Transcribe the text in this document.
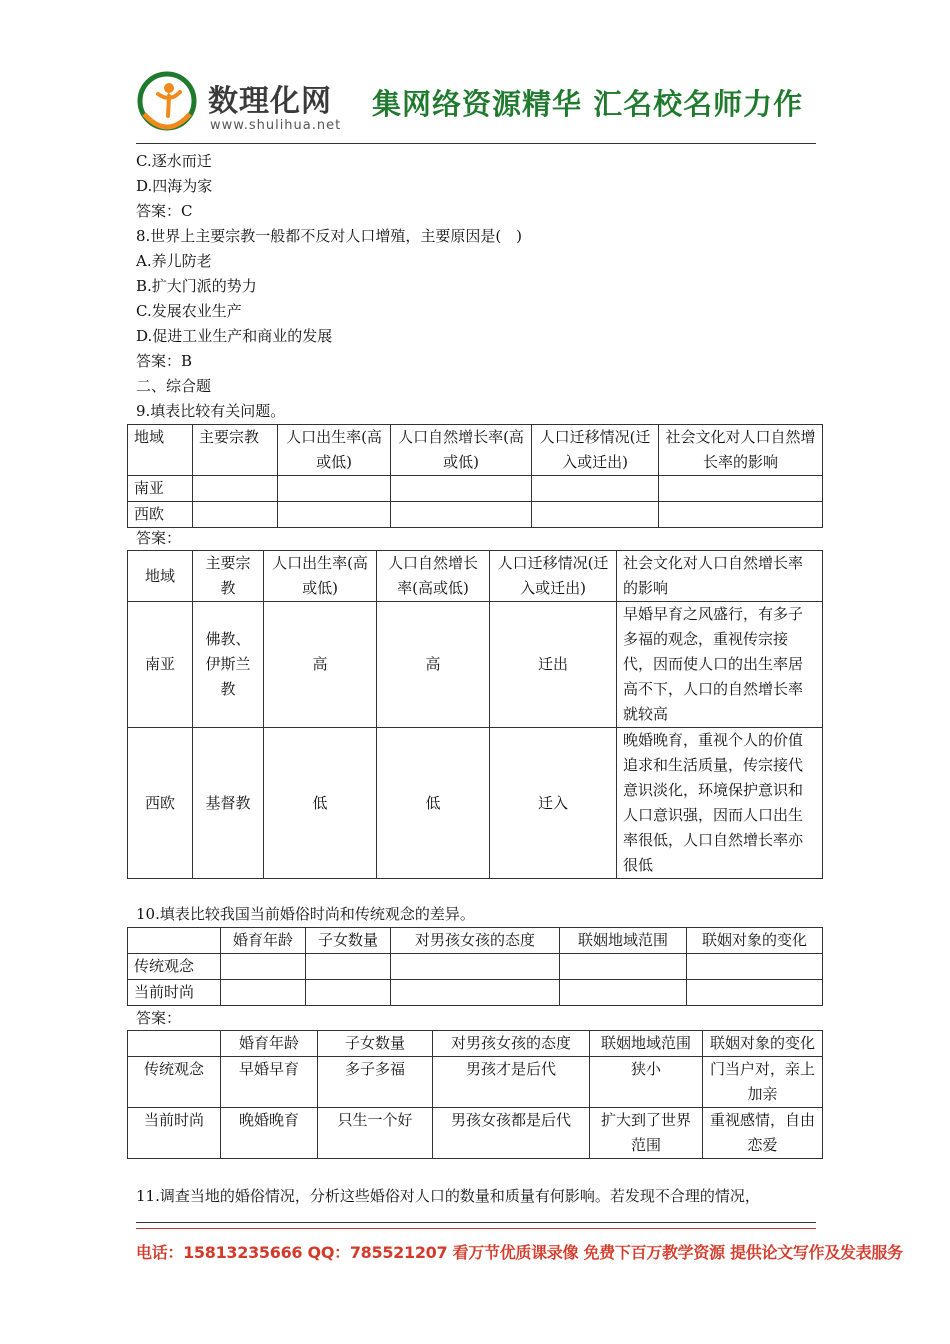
数理化网
www.shulihua.net
集网络资源精华 汇名校名师力作
C.逐水而迁
D.四海为家
答案：C
8.世界上主要宗教一般都不反对人口增殖，主要原因是(　)
A.养儿防老
B.扩大门派的势力
C.发展农业生产
D.促进工业生产和商业的发展
答案：B
二、综合题
9.填表比较有关问题。
地域	主要宗教	人口出生率(高或低)	人口自然增长率(高或低)	人口迁移情况(迁入或迁出)	社会文化对人口自然增长率的影响
南亚					
西欧					
答案：
地域	主要宗教	人口出生率(高或低)	人口自然增长率(高或低)	人口迁移情况(迁入或迁出)	社会文化对人口自然增长率的影响
南亚	佛教、伊斯兰教	高	高	迁出	早婚早育之风盛行，有多子多福的观念，重视传宗接代，因而使人口的出生率居高不下，人口的自然增长率就较高
西欧	基督教	低	低	迁入	晚婚晚育，重视个人的价值追求和生活质量，传宗接代意识淡化，环境保护意识和人口意识强，因而人口出生率很低，人口自然增长率亦很低
10.填表比较我国当前婚俗时尚和传统观念的差异。
	婚育年龄	子女数量	对男孩女孩的态度	联姻地域范围	联姻对象的变化
传统观念					
当前时尚					
答案：
	婚育年龄	子女数量	对男孩女孩的态度	联姻地域范围	联姻对象的变化
传统观念	早婚早育	多子多福	男孩才是后代	狭小	门当户对，亲上加亲
当前时尚	晚婚晚育	只生一个好	男孩女孩都是后代	扩大到了世界范围	重视感情，自由恋爱
11.调查当地的婚俗情况，分析这些婚俗对人口的数量和质量有何影响。若发现不合理的情况，
电话：15813235666 QQ：785521207 看万节优质课录像 免费下百万教学资源 提供论文写作及发表服务
